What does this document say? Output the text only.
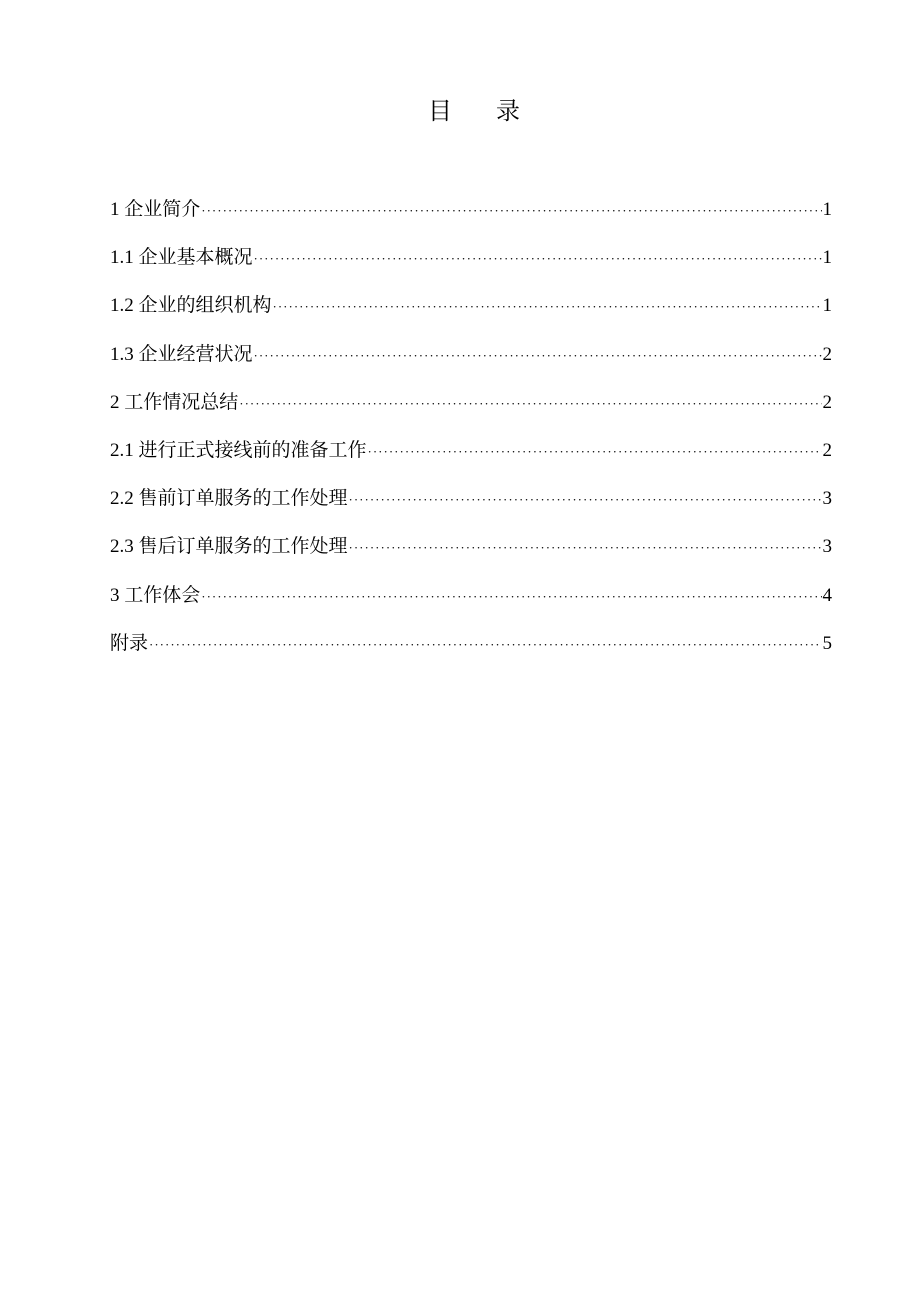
目 录
1 企业简介 ·····	1
1.1 企业基本概况 ·····	1
1.2 企业的组织机构 ·····	1
1.3 企业经营状况 ·····	2
2 工作情况总结 ·····	2
2.1 进行正式接线前的准备工作 ·····	2
2.2 售前订单服务的工作处理 ·····	3
2.3 售后订单服务的工作处理 ·····	3
3 工作体会 ·····	4
附录 ·····	5
